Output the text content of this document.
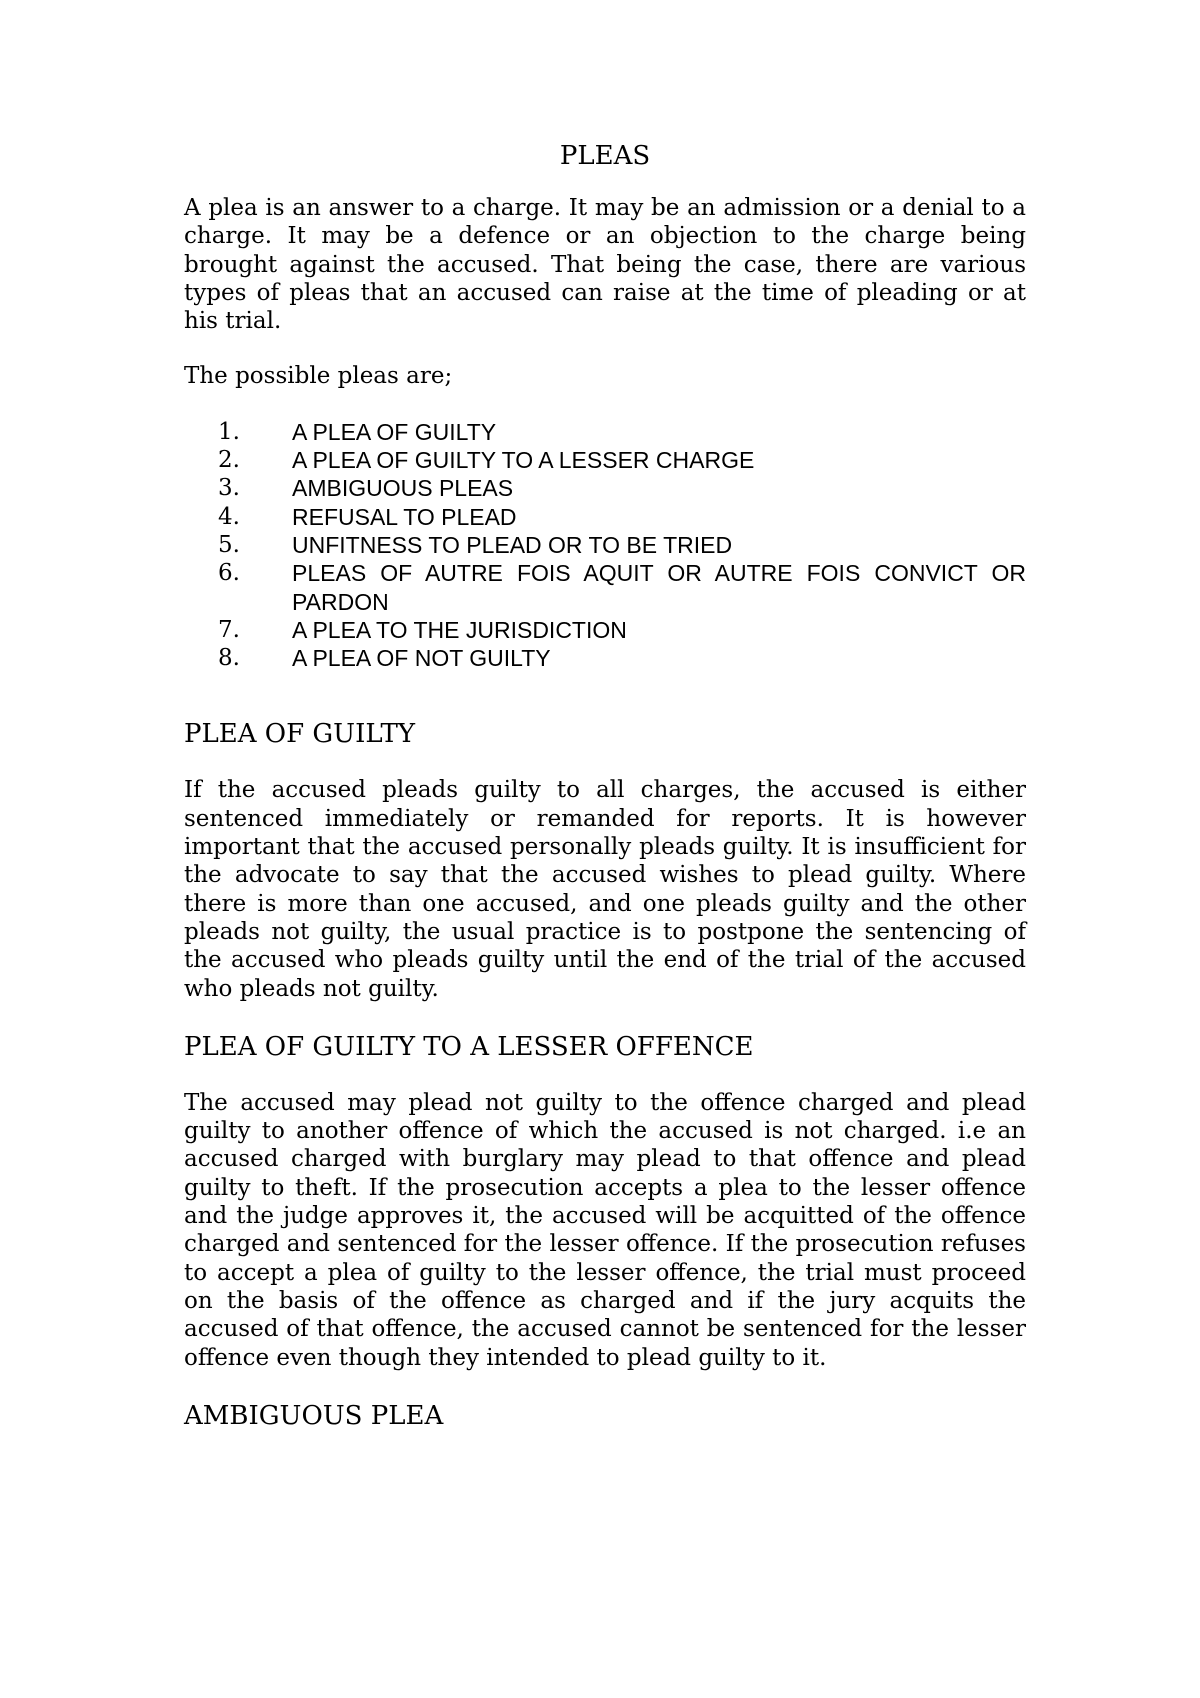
PLEAS

A plea is an answer to a charge. It may be an admission or a denial to a charge. It may be a defence or an objection to the charge being brought against the accused. That being the case, there are various types of pleas that an accused can raise at the time of pleading or at his trial.

The possible pleas are;

1.	A PLEA OF GUILTY
2.	A PLEA OF GUILTY TO A LESSER CHARGE
3.	AMBIGUOUS PLEAS
4.	REFUSAL TO PLEAD
5.	UNFITNESS TO PLEAD OR TO BE TRIED
6.	PLEAS OF AUTRE FOIS AQUIT OR AUTRE FOIS CONVICT OR PARDON
7.	A PLEA TO THE JURISDICTION
8.	A PLEA OF NOT GUILTY
PLEA OF GUILTY

If the accused pleads guilty to all charges, the accused is either sentenced immediately or remanded for reports. It is however important that the accused personally pleads guilty. It is insufficient for the advocate to say that the accused wishes to plead guilty. Where there is more than one accused, and one pleads guilty and the other pleads not guilty, the usual practice is to postpone the sentencing of the accused who pleads guilty until the end of the trial of the accused who pleads not guilty.

PLEA OF GUILTY TO A LESSER OFFENCE

The accused may plead not guilty to the offence charged and plead guilty to another offence of which the accused is not charged. i.e an accused charged with burglary may plead to that offence and plead guilty to theft. If the prosecution accepts a plea to the lesser offence and the judge approves it, the accused will be acquitted of the offence charged and sentenced for the lesser offence. If the prosecution refuses to accept a plea of guilty to the lesser offence, the trial must proceed on the basis of the offence as charged and if the jury acquits the accused of that offence, the accused cannot be sentenced for the lesser offence even though they intended to plead guilty to it.

AMBIGUOUS PLEA
